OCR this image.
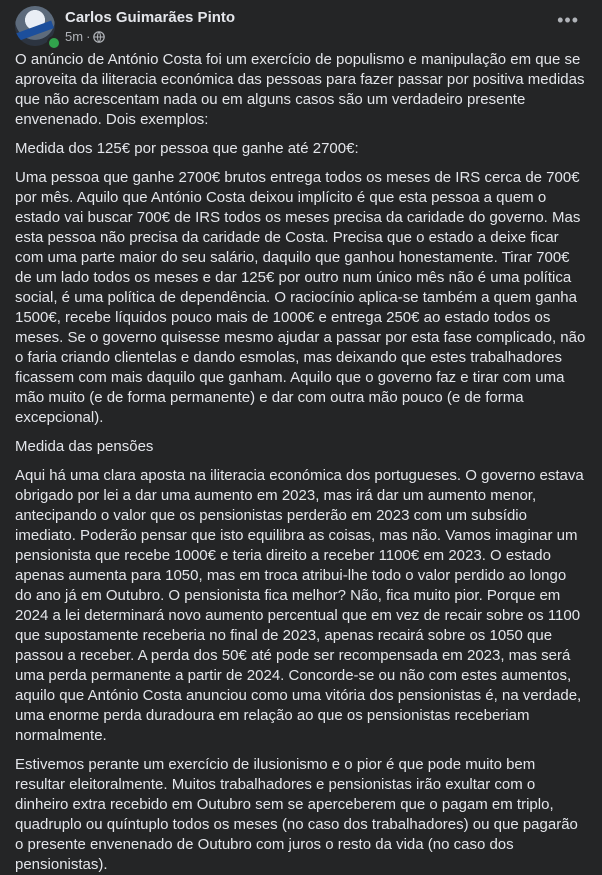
Carlos Guimarães Pinto
5m ·
•••

O anúncio de António Costa foi um exercício de populismo e manipulação em que se aproveita da iliteracia económica das pessoas para fazer passar por positiva medidas que não acrescentam nada ou em alguns casos são um verdadeiro presente envenenado. Dois exemplos:

Medida dos 125€ por pessoa que ganhe até 2700€:

Uma pessoa que ganhe 2700€ brutos entrega todos os meses de IRS cerca de 700€ por mês. Aquilo que António Costa deixou implícito é que esta pessoa a quem o estado vai buscar 700€ de IRS todos os meses precisa da caridade do governo. Mas esta pessoa não precisa da caridade de Costa. Precisa que o estado a deixe ficar com uma parte maior do seu salário, daquilo que ganhou honestamente. Tirar 700€ de um lado todos os meses e dar 125€ por outro num único mês não é uma política social, é uma política de dependência. O raciocínio aplica-se também a quem ganha 1500€, recebe líquidos pouco mais de 1000€ e entrega 250€ ao estado todos os meses. Se o governo quisesse mesmo ajudar a passar por esta fase complicado, não o faria criando clientelas e dando esmolas, mas deixando que estes trabalhadores ficassem com mais daquilo que ganham. Aquilo que o governo faz e tirar com uma mão muito (e de forma permanente) e dar com outra mão pouco (e de forma excepcional).

Medida das pensões

Aqui há uma clara aposta na iliteracia económica dos portugueses. O governo estava obrigado por lei a dar uma aumento em 2023, mas irá dar um aumento menor, antecipando o valor que os pensionistas perderão em 2023 com um subsídio imediato. Poderão pensar que isto equilibra as coisas, mas não. Vamos imaginar um pensionista que recebe 1000€ e teria direito a receber 1100€ em 2023. O estado apenas aumenta para 1050, mas em troca atribui-lhe todo o valor perdido ao longo do ano já em Outubro. O pensionista fica melhor? Não, fica muito pior. Porque em 2024 a lei determinará novo aumento percentual que em vez de recair sobre os 1100 que supostamente receberia no final de 2023, apenas recairá sobre os 1050 que passou a receber. A perda dos 50€ até pode ser recompensada em 2023, mas será uma perda permanente a partir de 2024. Concorde-se ou não com estes aumentos, aquilo que António Costa anunciou como uma vitória dos pensionistas é, na verdade, uma enorme perda duradoura em relação ao que os pensionistas receberiam normalmente.

Estivemos perante um exercício de ilusionismo e o pior é que pode muito bem resultar eleitoralmente. Muitos trabalhadores e pensionistas irão exultar com o dinheiro extra recebido em Outubro sem se aperceberem que o pagam em triplo, quadruplo ou quíntuplo todos os meses (no caso dos trabalhadores) ou que pagarão o presente envenenado de Outubro com juros o resto da vida (no caso dos pensionistas).
